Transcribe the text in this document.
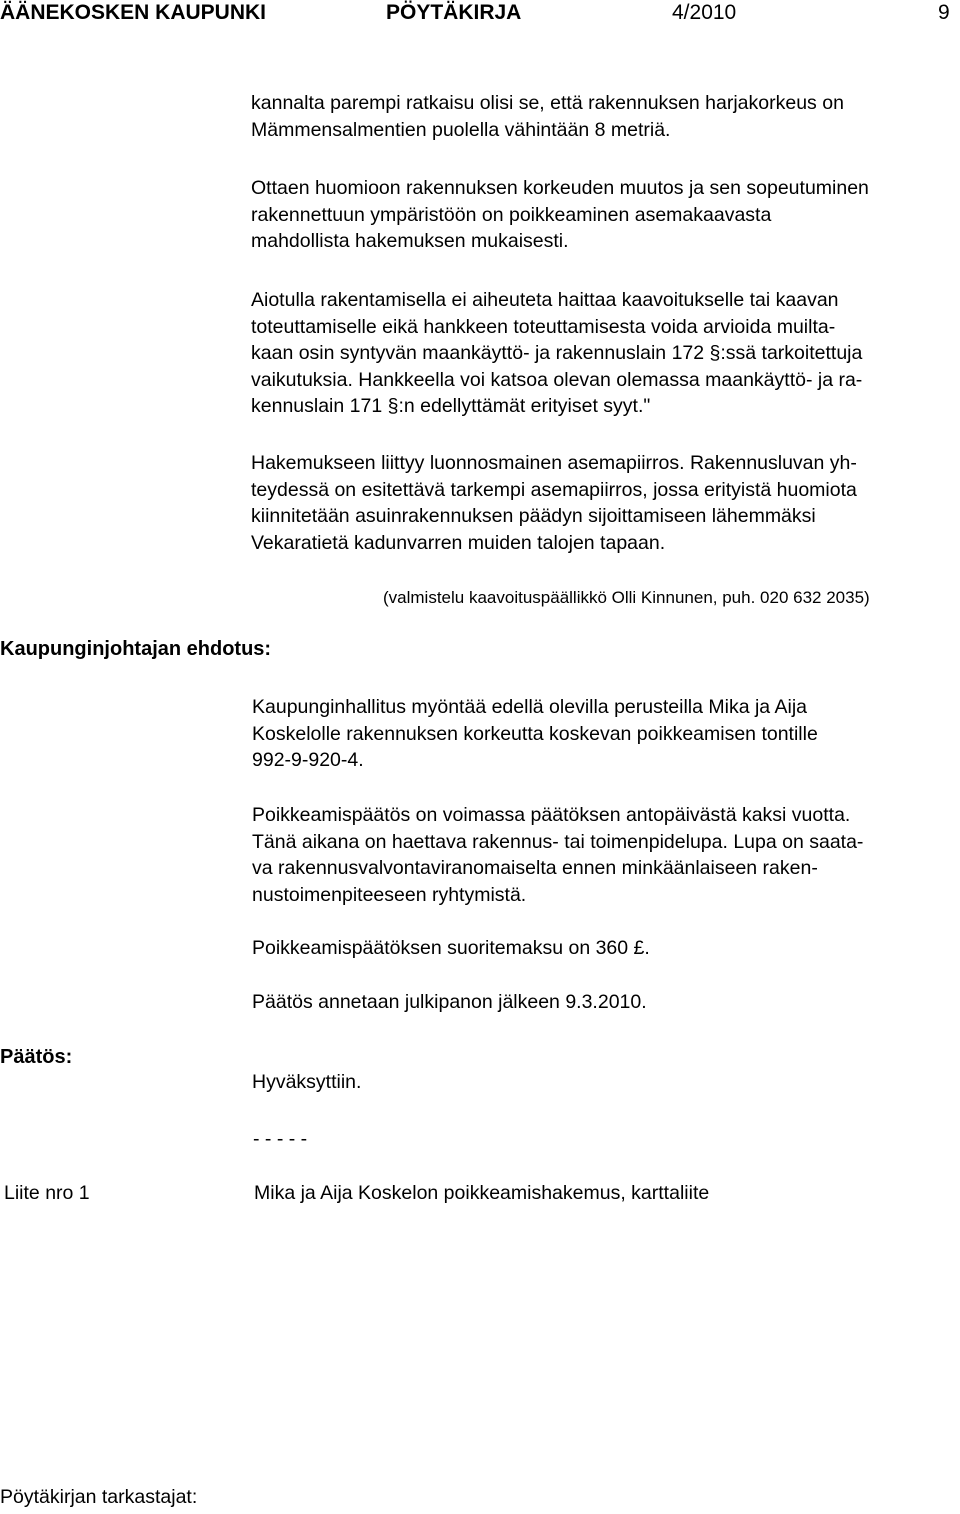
ÄÄNEKOSKEN KAUPUNKI	PÖYTÄKIRJA	4/2010	9
kannalta parempi ratkaisu olisi se, että rakennuksen harjakorkeus on
Mämmensalmentien puolella vähintään 8 metriä.
Ottaen huomioon rakennuksen korkeuden muutos ja sen sopeutuminen
rakennettuun ympäristöön on poikkeaminen asemakaavasta
mahdollista hakemuksen mukaisesti.
Aiotulla rakentamisella ei aiheuteta haittaa kaavoitukselle tai kaavan
toteuttamiselle eikä hankkeen toteuttamisesta voida arvioida muilta-
kaan osin syntyvän maankäyttö- ja rakennuslain 172 §:ssä tarkoitettuja
vaikutuksia. Hankkeella voi katsoa olevan olemassa maankäyttö- ja ra-
kennuslain 171 §:n edellyttämät erityiset syyt."
Hakemukseen liittyy luonnosmainen asemapiirros. Rakennusluvan yh-
teydessä on esitettävä tarkempi asemapiirros, jossa erityistä huomiota
kiinnitetään asuinrakennuksen päädyn sijoittamiseen lähemmäksi
Vekaratietä kadunvarren muiden talojen tapaan.
(valmistelu kaavoituspäällikkö Olli Kinnunen, puh. 020 632 2035)
Kaupunginjohtajan ehdotus:
Kaupunginhallitus myöntää edellä olevilla perusteilla Mika ja Aija
Koskelolle rakennuksen korkeutta koskevan poikkeamisen tontille
992-9-920-4.
Poikkeamispäätös on voimassa päätöksen antopäivästä kaksi vuotta.
Tänä aikana on haettava rakennus- tai toimenpidelupa. Lupa on saata-
va rakennusvalvontaviranomaiselta ennen minkäänlaiseen raken-
nustoimenpiteeseen ryhtymistä.
Poikkeamispäätöksen suoritemaksu on 360 £.
Päätös annetaan julkipanon jälkeen 9.3.2010.
Päätös:
Hyväksyttiin.
- - - - -
Liite nro 1	Mika ja Aija Koskelon poikkeamishakemus, karttaliite
Pöytäkirjan tarkastajat:
